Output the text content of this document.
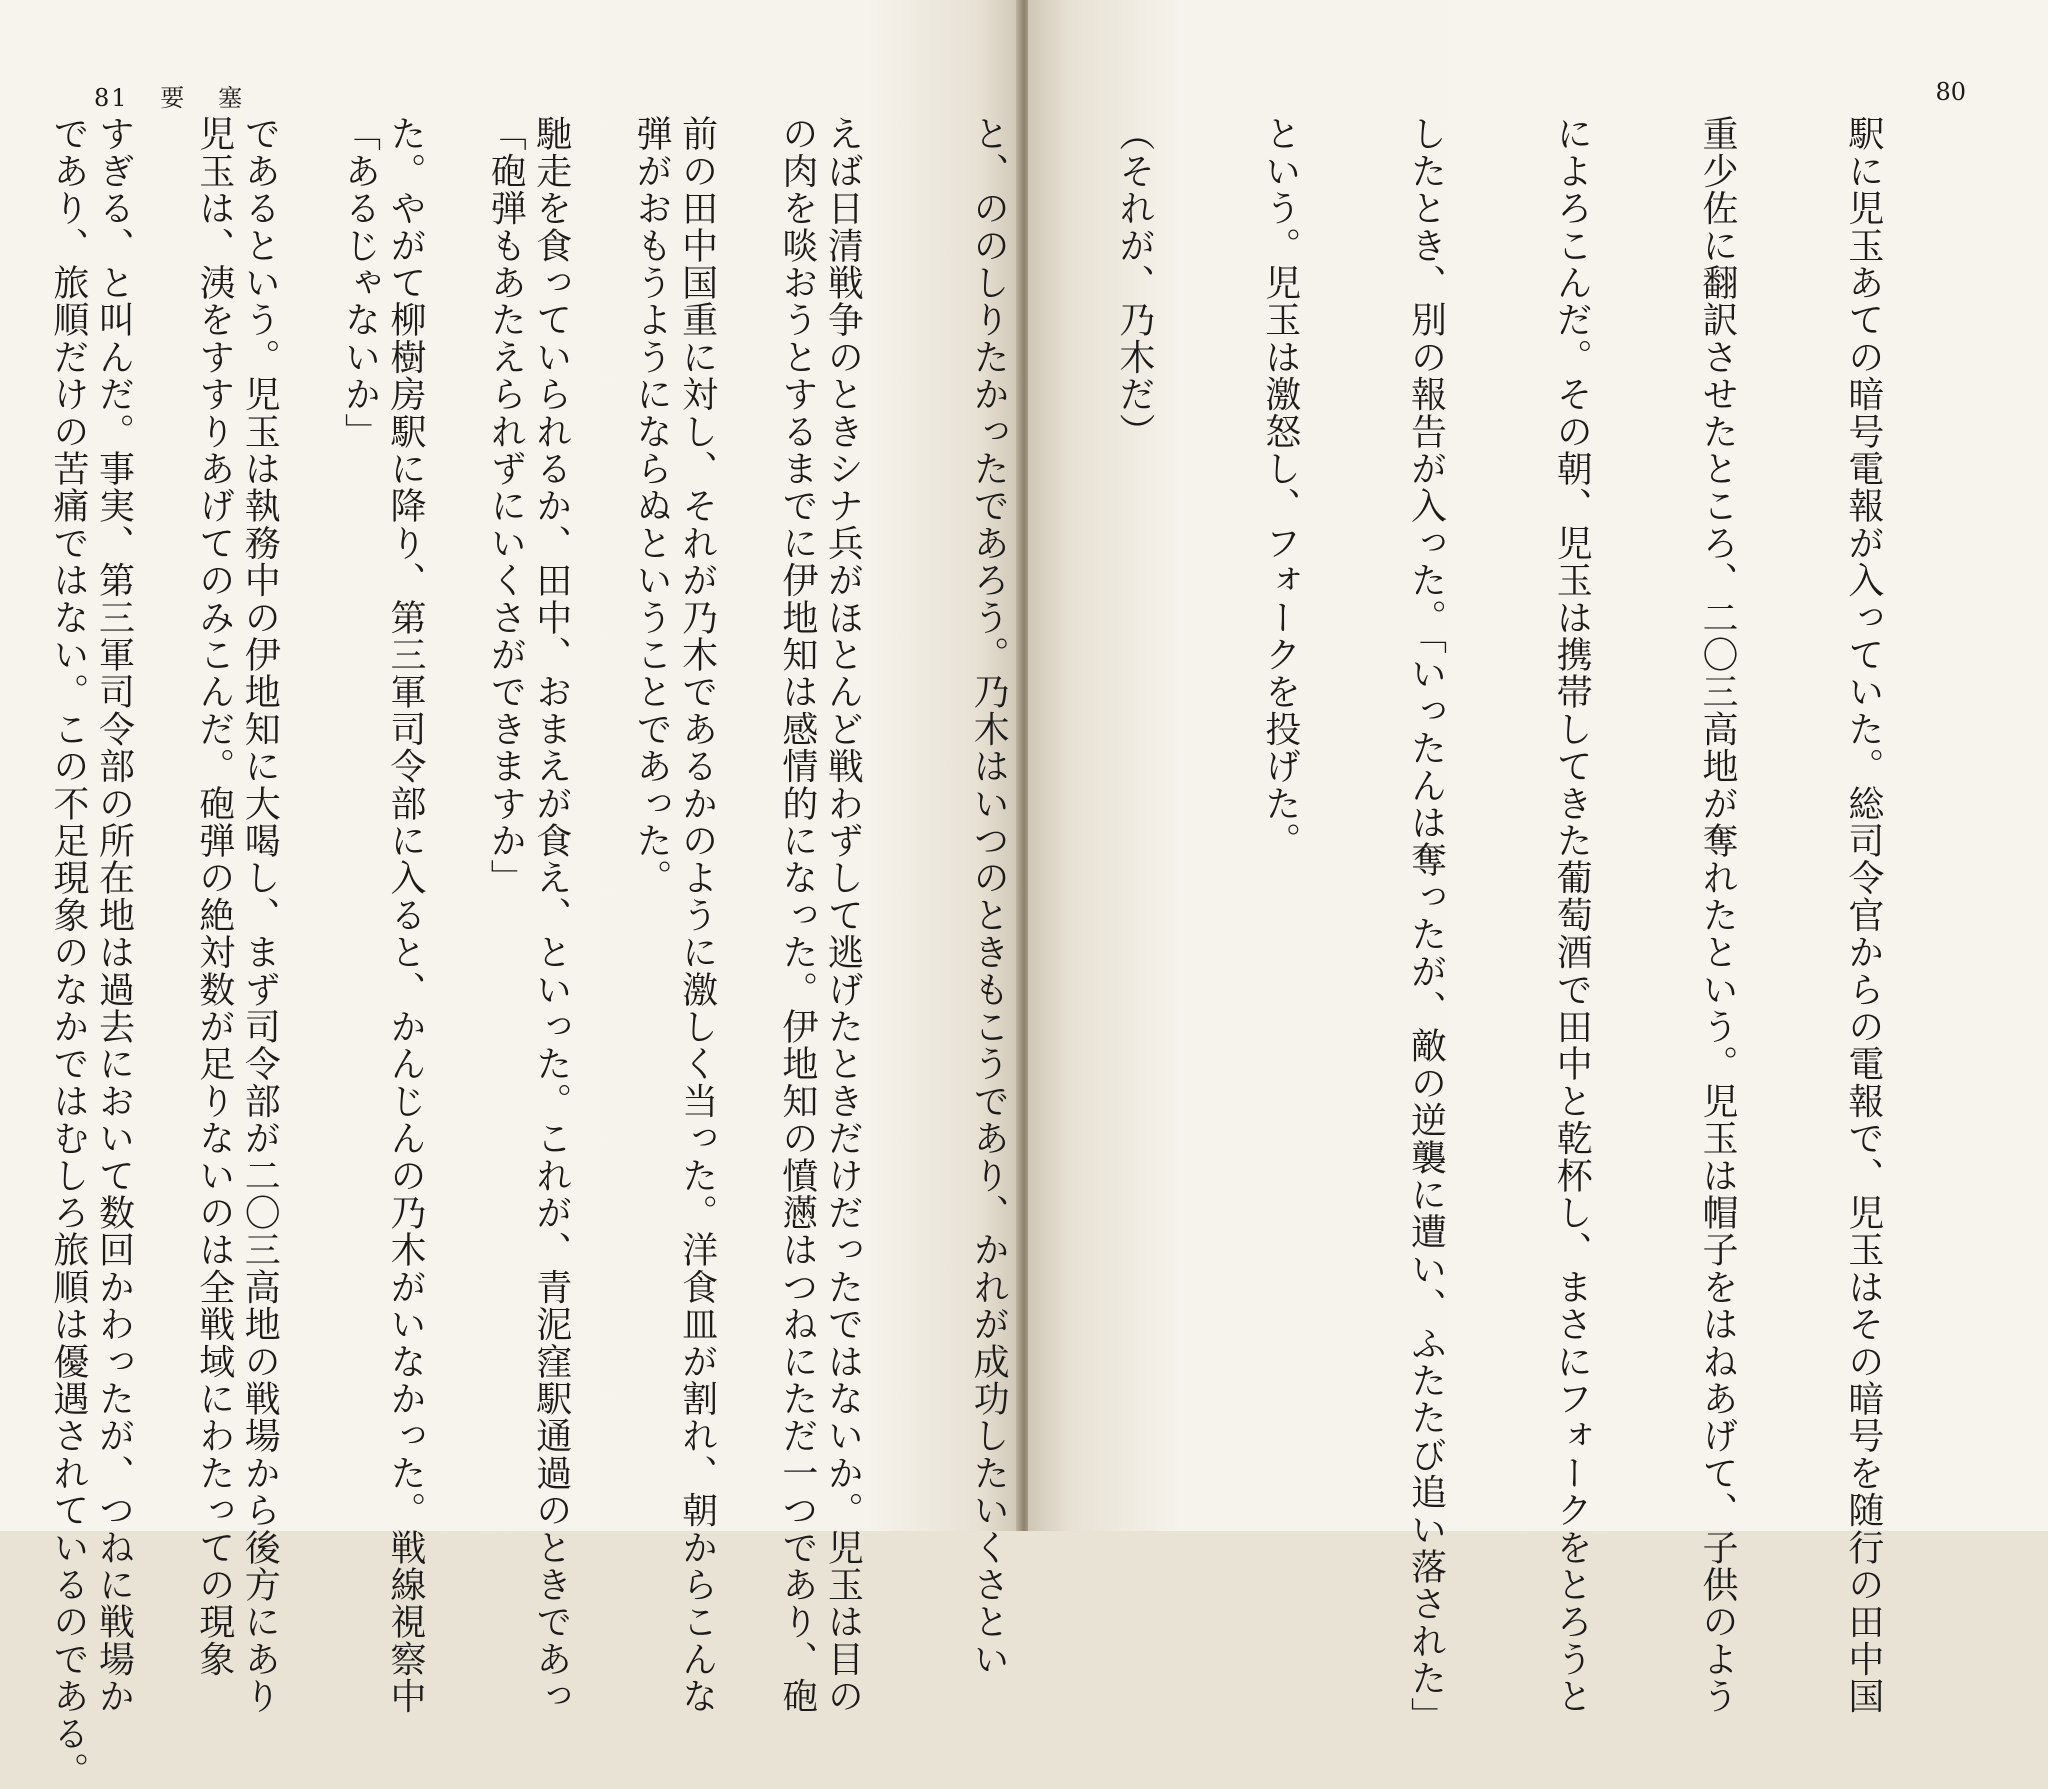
81 要塞

の肉を啖おうとするまでに伊地知は感情的になった。伊地知の憤懣はつねにただ一つであり、砲

弾がおもうようにならぬということであった。

「砲弾もあたえられずにいくさができますか」

「あるじゃないか」

児玉は、洟をすすりあげてのみこんだ。砲弾の絶対数が足りないのは全戦域にわたっての現象

であり、旅順だけの苦痛ではない。この不足現象のなかではむしろ旅順は優遇されているのである。

80

駅に児玉あての暗号電報が入っていた。総司令官からの電報で、児玉はその暗号を随行の田中国

重少佐に翻訳させたところ、二〇三高地が奪れたという。児玉は帽子をはねあげて、子供のよう

によろこんだ。その朝、児玉は携帯してきた葡萄酒で田中と乾杯し、まさにフォークをとろうと

したとき、別の報告が入った。「いったんは奪ったが、敵の逆襲に遭い、ふたたび追い落された」

という。児玉は激怒し、フォークを投げた。

（それが、乃木だ）

と、ののしりたかったであろう。乃木はいつのときもこうであり、かれが成功したいくさとい

えば日清戦争のときシナ兵がほとんど戦わずして逃げたときだけだったではないか。児玉は目の

前の田中国重に対し、それが乃木であるかのように激しく当った。洋食皿が割れ、朝からこんな

馳走を食っていられるか、田中、おまえが食え、といった。これが、青泥窪駅通過のときであっ

た。やがて柳樹房駅に降り、第三軍司令部に入ると、かんじんの乃木がいなかった。戦線視察中

であるという。児玉は執務中の伊地知に大喝し、まず司令部が二〇三高地の戦場から後方にあり

すぎる、と叫んだ。事実、第三軍司令部の所在地は過去において数回かわったが、つねに戦場か
